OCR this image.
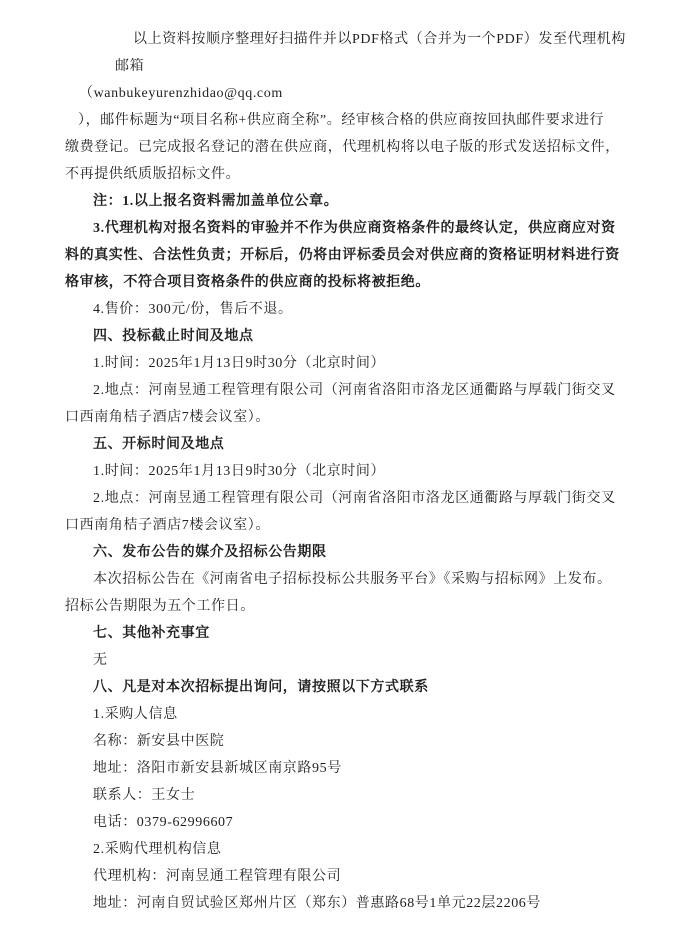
以上资料按顺序整理好扫描件并以PDF格式（合并为一个PDF）发至代理机构
邮箱
（wanbukeyurenzhidao@qq.com
），邮件标题为“项目名称+供应商全称”。经审核合格的供应商按回执邮件要求进行
缴费登记。已完成报名登记的潜在供应商，代理机构将以电子版的形式发送招标文件，
不再提供纸质版招标文件。
注：1.以上报名资料需加盖单位公章。
3.代理机构对报名资料的审验并不作为供应商资格条件的最终认定，供应商应对资
料的真实性、合法性负责；开标后，仍将由评标委员会对供应商的资格证明材料进行资
格审核，不符合项目资格条件的供应商的投标将被拒绝。
4.售价：300元/份，售后不退。
四、投标截止时间及地点
1.时间：2025年1月13日9时30分（北京时间）
2.地点：河南昱通工程管理有限公司（河南省洛阳市洛龙区通衢路与厚载门街交叉
口西南角桔子酒店7楼会议室）。
五、开标时间及地点
1.时间：2025年1月13日9时30分（北京时间）
2.地点：河南昱通工程管理有限公司（河南省洛阳市洛龙区通衢路与厚载门街交叉
口西南角桔子酒店7楼会议室）。
六、发布公告的媒介及招标公告期限
本次招标公告在《河南省电子招标投标公共服务平台》《采购与招标网》上发布。
招标公告期限为五个工作日。
七、其他补充事宜
无
八、凡是对本次招标提出询问，请按照以下方式联系
1.采购人信息
名称：新安县中医院
地址：洛阳市新安县新城区南京路95号
联系人：王女士
电话：0379-62996607
2.采购代理机构信息
代理机构：河南昱通工程管理有限公司
地址：河南自贸试验区郑州片区（郑东）普惠路68号1单元22层2206号
